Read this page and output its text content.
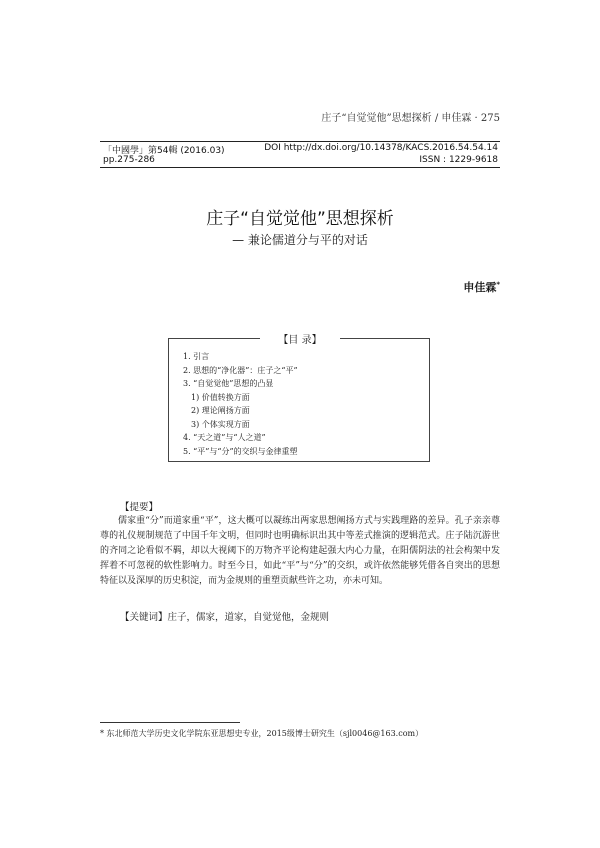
庄子“自觉觉他”思想探析 / 申佳霖 · 275
「中國學」第54輯 (2016.03)	DOI http://dx.doi.org/10.14378/KACS.2016.54.54.14
pp.275-286	ISSN : 1229-9618
庄子“自觉觉他”思想探析
— 兼论儒道分与平的对话
申佳霖*
【目 录】
1. 引言
2. 思想的“净化器”：庄子之“平”
3. “自觉觉他”思想的凸显
1) 价值转换方面
2) 理论阐扬方面
3) 个体实现方面
4. “天之道”与“人之道”
5. “平”与“分”的交织与金律重塑
【提要】
儒家重“分”而道家重“平”，这大概可以凝练出两家思想阐扬方式与实践理路的差异。孔子亲亲尊尊的礼仪规制规范了中国千年文明，但同时也明确标识出其中等差式推演的逻辑范式。庄子陆沉游世的齐同之论看似不羁，却以大视阈下的万物齐平论构建起强大内心力量，在阳儒阴法的社会构架中发挥着不可忽视的软性影响力。时至今日，如此“平”与“分”的交织，或许依然能够凭借各自突出的思想特征以及深厚的历史积淀，而为金规则的重塑贡献些许之功，亦未可知。
【关键词】庄子，儒家，道家，自觉觉他，金规则
* 东北师范大学历史文化学院东亚思想史专业，2015级博士研究生（sjl0046@163.com）
